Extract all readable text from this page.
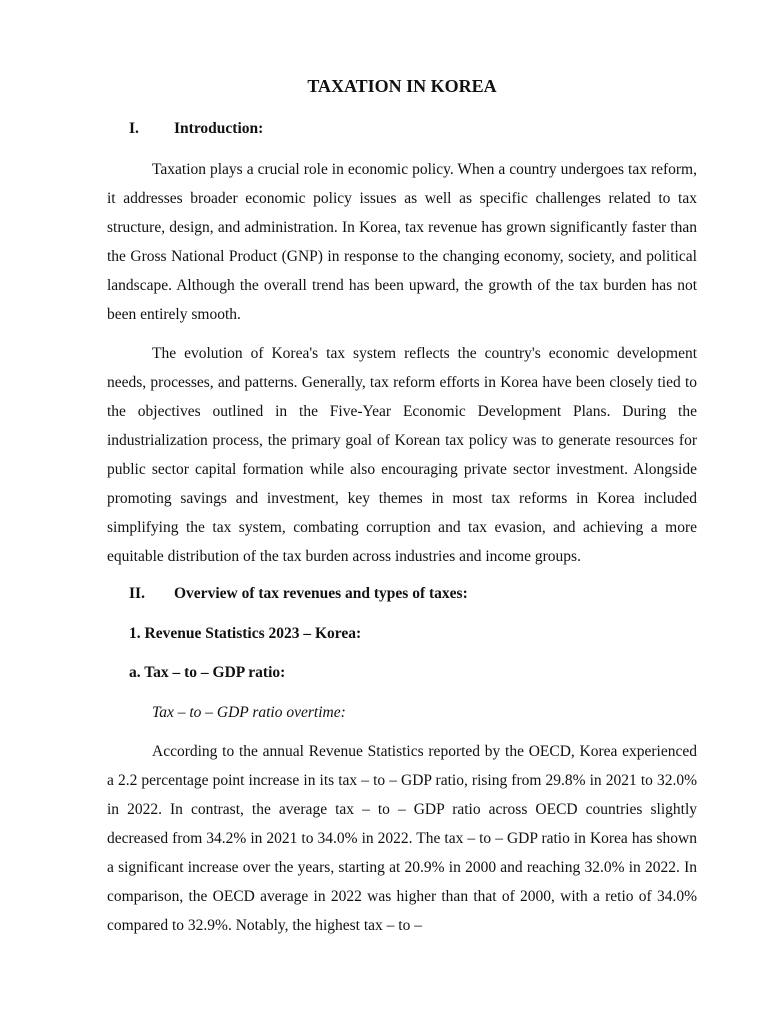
TAXATION IN KOREA
I. Introduction:

Taxation plays a crucial role in economic policy. When a country undergoes tax reform, it addresses broader economic policy issues as well as specific challenges related to tax structure, design, and administration. In Korea, tax revenue has grown significantly faster than the Gross National Product (GNP) in response to the changing economy, society, and political landscape. Although the overall trend has been upward, the growth of the tax burden has not been entirely smooth.

The evolution of Korea's tax system reflects the country's economic development needs, processes, and patterns. Generally, tax reform efforts in Korea have been closely tied to the objectives outlined in the Five-Year Economic Development Plans. During the industrialization process, the primary goal of Korean tax policy was to generate resources for public sector capital formation while also encouraging private sector investment. Alongside promoting savings and investment, key themes in most tax reforms in Korea included simplifying the tax system, combating corruption and tax evasion, and achieving a more equitable distribution of the tax burden across industries and income groups.

II. Overview of tax revenues and types of taxes:
1. Revenue Statistics 2023 – Korea:
a. Tax – to – GDP ratio:
Tax – to – GDP ratio overtime:

According to the annual Revenue Statistics reported by the OECD, Korea experienced a 2.2 percentage point increase in its tax – to – GDP ratio, rising from 29.8% in 2021 to 32.0% in 2022. In contrast, the average tax – to – GDP ratio across OECD countries slightly decreased from 34.2% in 2021 to 34.0% in 2022. The tax – to – GDP ratio in Korea has shown a significant increase over the years, starting at 20.9% in 2000 and reaching 32.0% in 2022. In comparison, the OECD average in 2022 was higher than that of 2000, with a retio of 34.0% compared to 32.9%. Notably, the highest tax – to –
